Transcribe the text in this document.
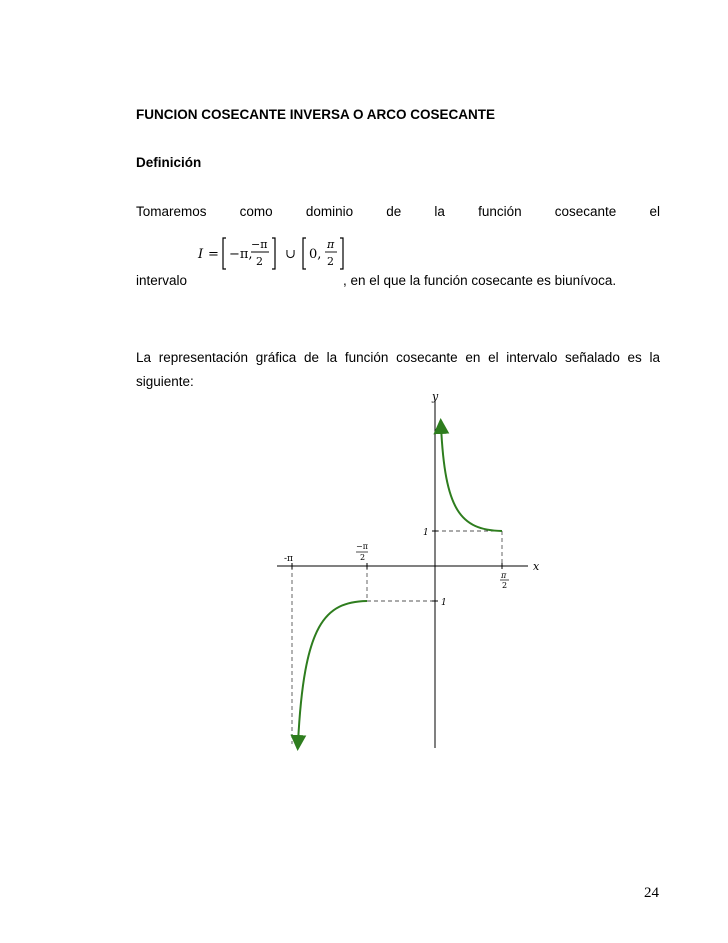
FUNCION COSECANTE INVERSA O ARCO COSECANTE
Definición
Tomaremos como dominio de la función cosecante el
I = −π,
−π
2 ∪ 0,
π
2
intervalo	, en el que la función cosecante es biunívoca.
La representación gráfica de la función cosecante en el intervalo señalado es la siguiente:
y
x
1
1
-π
−π
2
π
2
24
